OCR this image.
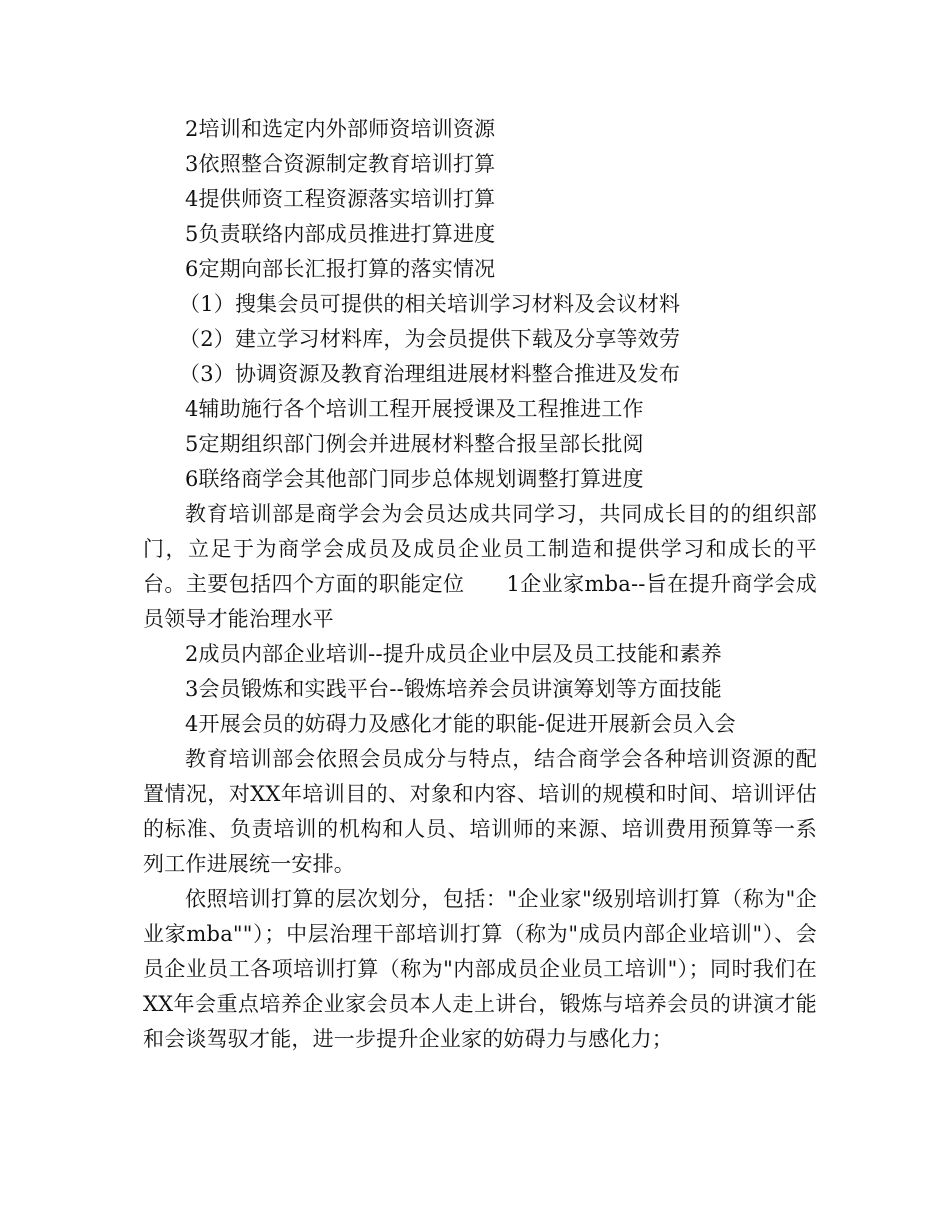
2培训和选定内外部师资培训资源
3依照整合资源制定教育培训打算
4提供师资工程资源落实培训打算
5负责联络内部成员推进打算进度
6定期向部长汇报打算的落实情况
（1）搜集会员可提供的相关培训学习材料及会议材料
（2）建立学习材料库，为会员提供下载及分享等效劳
（3）协调资源及教育治理组进展材料整合推进及发布
4辅助施行各个培训工程开展授课及工程推进工作
5定期组织部门例会并进展材料整合报呈部长批阅
6联络商学会其他部门同步总体规划调整打算进度

教育培训部是商学会为会员达成共同学习，共同成长目的的组织部门，立足于为商学会成员及成员企业员工制造和提供学习和成长的平台。主要包括四个方面的职能定位 1企业家mba--旨在提升商学会成员领导才能治理水平

2成员内部企业培训--提升成员企业中层及员工技能和素养
3会员锻炼和实践平台--锻炼培养会员讲演筹划等方面技能
4开展会员的妨碍力及感化才能的职能-促进开展新会员入会

教育培训部会依照会员成分与特点，结合商学会各种培训资源的配置情况，对XX年培训目的、对象和内容、培训的规模和时间、培训评估的标准、负责培训的机构和人员、培训师的来源、培训费用预算等一系列工作进展统一安排。

依照培训打算的层次划分，包括："企业家"级别培训打算（称为"企业家mba""）；中层治理干部培训打算（称为"成员内部企业培训"）、会员企业员工各项培训打算（称为"内部成员企业员工培训"）；同时我们在XX年会重点培养企业家会员本人走上讲台，锻炼与培养会员的讲演才能和会谈驾驭才能，进一步提升企业家的妨碍力与感化力；
